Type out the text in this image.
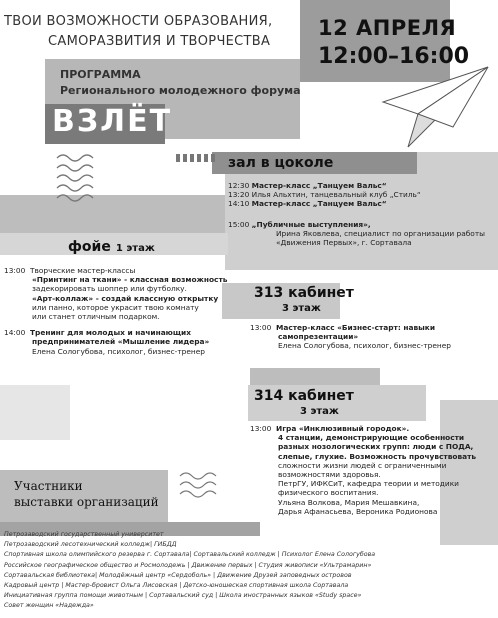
ТВОИ ВОЗМОЖНОСТИ ОБРАЗОВАНИЯ,
САМОРАЗВИТИЯ И ТВОРЧЕСТВА
12 АПРЕЛЯ
12:00–16:00
ПРОГРАММА
Регионального молодежного форума
ВЗЛЁТ
зал в цоколе
12:30 Мастер-класс „Танцуем Вальс“
13:20 Илья Альхтин, танцевальный клуб „Стиль“
14:10 Мастер-класс „Танцуем Вальс“
15:00 „Публичные выступления»,
Ирина Яковлева, специалист по организации работы
«Движения Первых», г. Сортавала
фойе 1 этаж
13:00 Творческие мастер-классы
«Принтинг на ткани» - классная возможность
задекорировать шоппер или футболку.
«Арт-коллаж» - создай классную открытку
или панно, которое украсит твою комнату
или станет отличным подарком.
14:00 Тренинг для молодых и начинающих
предпринимателей «Мышление лидера»
Елена Сологубова, психолог, бизнес-тренер
313 кабинет
3 этаж
13:00 Мастер-класс «Бизнес-старт: навыки
самопрезентации»
Елена Сологубова, психолог, бизнес-тренер
314 кабинет
3 этаж
13:00 Игра «Инклюзивный городок».
4 станции, демонстрирующие особенности
разных нозологических групп: люди с ПОДА,
слепые, глухие. Возможность прочувствовать
сложности жизни людей с ограниченными
возможностями здоровья.
ПетрГУ, ИФКСиТ, кафедра теории и методики
физического воспитания.
Ульяна Волкова, Мария Мешавкина,
Дарья Афанасьева, Вероника Родионова
Участники
выставки организаций
Петрозаводский государственный университет
Петрозаводский лесотехнический колледж| ГИБДД
Спортивная школа олимпийского резерва г. Сортавала| Сортавальский колледж | Психолог Елена Сологубова
Российское географическое общество и Росмолодежь | Движение первых | Студия живописи «Ультрамарин»
Сортавальская библиотека| Молодёжный центр «Сердоболь» | Движение Друзей заповедных островов
Кадровый центр | Мастер-бровист Ольга Лисовская | Детско-юношеская спортивная школа Сортавала
Инициативная группа помощи животным | Сортавальский суд | Школа иностранных языков «Study space»
Совет женщин «Надежда»
